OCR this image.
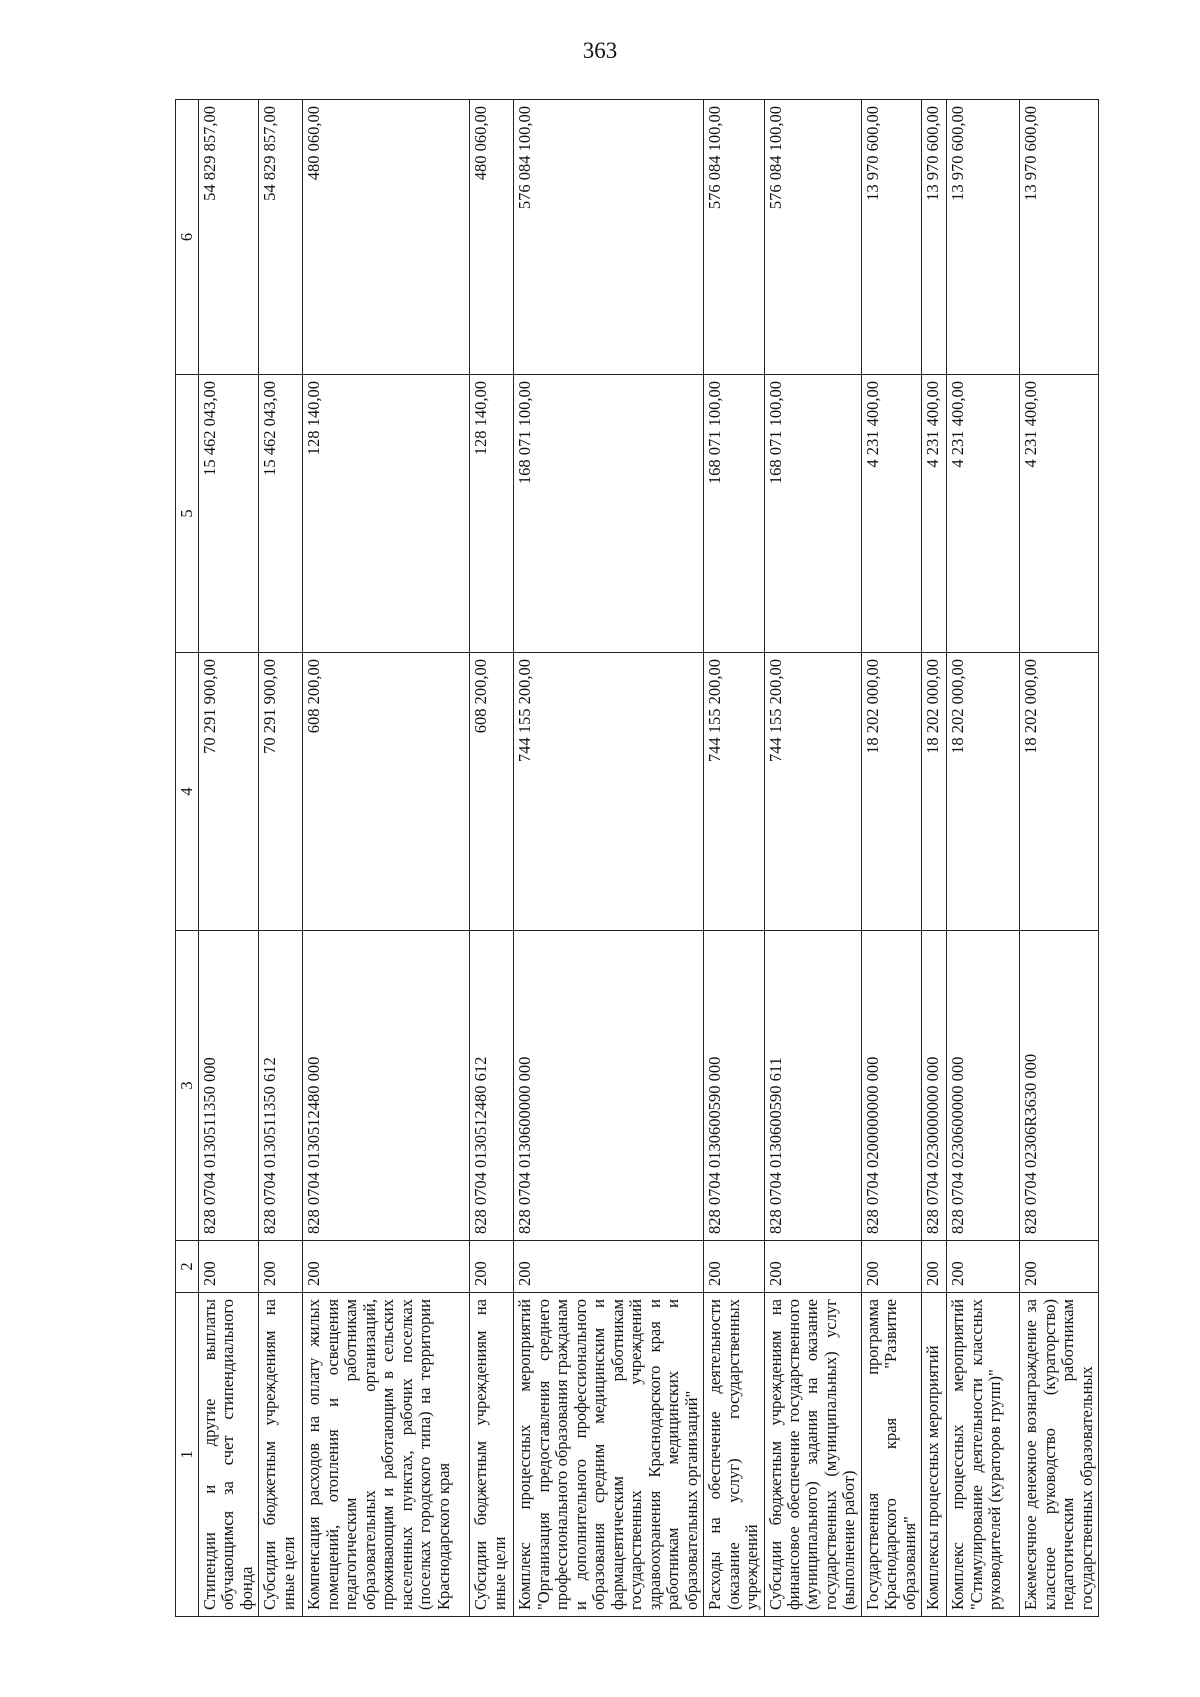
363
1	2	3	4	5	6
Стипендии и другие выплаты обучающимся за счет стипендиального фонда	200	828 0704 0130511350 000	70 291 900,00	15 462 043,00	54 829 857,00
Субсидии бюджетным учреждениям на иные цели	200	828 0704 0130511350 612	70 291 900,00	15 462 043,00	54 829 857,00
Компенсация расходов на оплату жилых помещений, отопления и освещения педагогическим работникам образовательных организаций, проживающим и работающим в сельских населенных пунктах, рабочих поселках (поселках городского типа) на территории Краснодарского края	200	828 0704 0130512480 000	608 200,00	128 140,00	480 060,00
Субсидии бюджетным учреждениям на иные цели	200	828 0704 0130512480 612	608 200,00	128 140,00	480 060,00
Комплекс процессных мероприятий "Организация предоставления среднего профессионального образования гражданам и дополнительного профессионального образования средним медицинским и фармацевтическим работникам государственных учреждений здравоохранения Краснодарского края и работникам медицинских и образовательных организаций"	200	828 0704 0130600000 000	744 155 200,00	168 071 100,00	576 084 100,00
Расходы на обеспечение деятельности (оказание услуг) государственных учреждений	200	828 0704 0130600590 000	744 155 200,00	168 071 100,00	576 084 100,00
Субсидии бюджетным учреждениям на финансовое обеспечение государственного (муниципального) задания на оказание государственных (муниципальных) услуг (выполнение работ)	200	828 0704 0130600590 611	744 155 200,00	168 071 100,00	576 084 100,00
Государственная программа Краснодарского края "Развитие образования"	200	828 0704 0200000000 000	18 202 000,00	4 231 400,00	13 970 600,00
Комплексы процессных мероприятий	200	828 0704 0230000000 000	18 202 000,00	4 231 400,00	13 970 600,00
Комплекс процессных мероприятий "Стимулирование деятельности классных руководителей (кураторов групп)"	200	828 0704 0230600000 000	18 202 000,00	4 231 400,00	13 970 600,00
Ежемесячное денежное вознаграждение за классное руководство (кураторство) педагогическим работникам государственных образовательных	200	828 0704 02306R3630 000	18 202 000,00	4 231 400,00	13 970 600,00
